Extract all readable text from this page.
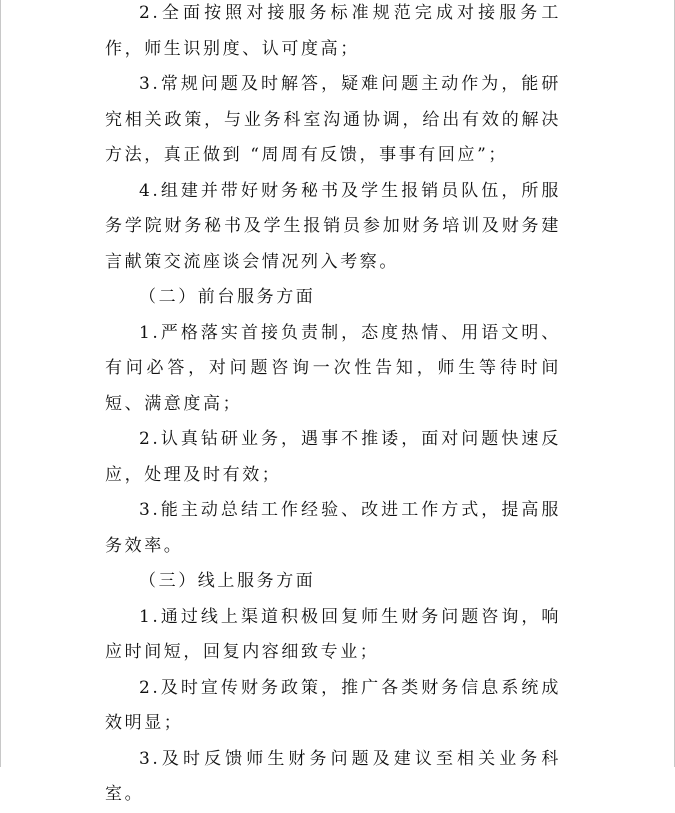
2.全面按照对接服务标准规范完成对接服务工作，师生识别度、认可度高；

3.常规问题及时解答，疑难问题主动作为，能研究相关政策，与业务科室沟通协调，给出有效的解决方法，真正做到 “周周有反馈，事事有回应”；

4.组建并带好财务秘书及学生报销员队伍，所服务学院财务秘书及学生报销员参加财务培训及财务建言献策交流座谈会情况列入考察。

（二）前台服务方面

1.严格落实首接负责制，态度热情、用语文明、有问必答，对问题咨询一次性告知，师生等待时间短、满意度高；

2.认真钻研业务，遇事不推诿，面对问题快速反应，处理及时有效；

3.能主动总结工作经验、改进工作方式，提高服务效率。

（三）线上服务方面

1.通过线上渠道积极回复师生财务问题咨询，响应时间短，回复内容细致专业；

2.及时宣传财务政策，推广各类财务信息系统成效明显；

3.及时反馈师生财务问题及建议至相关业务科室。
